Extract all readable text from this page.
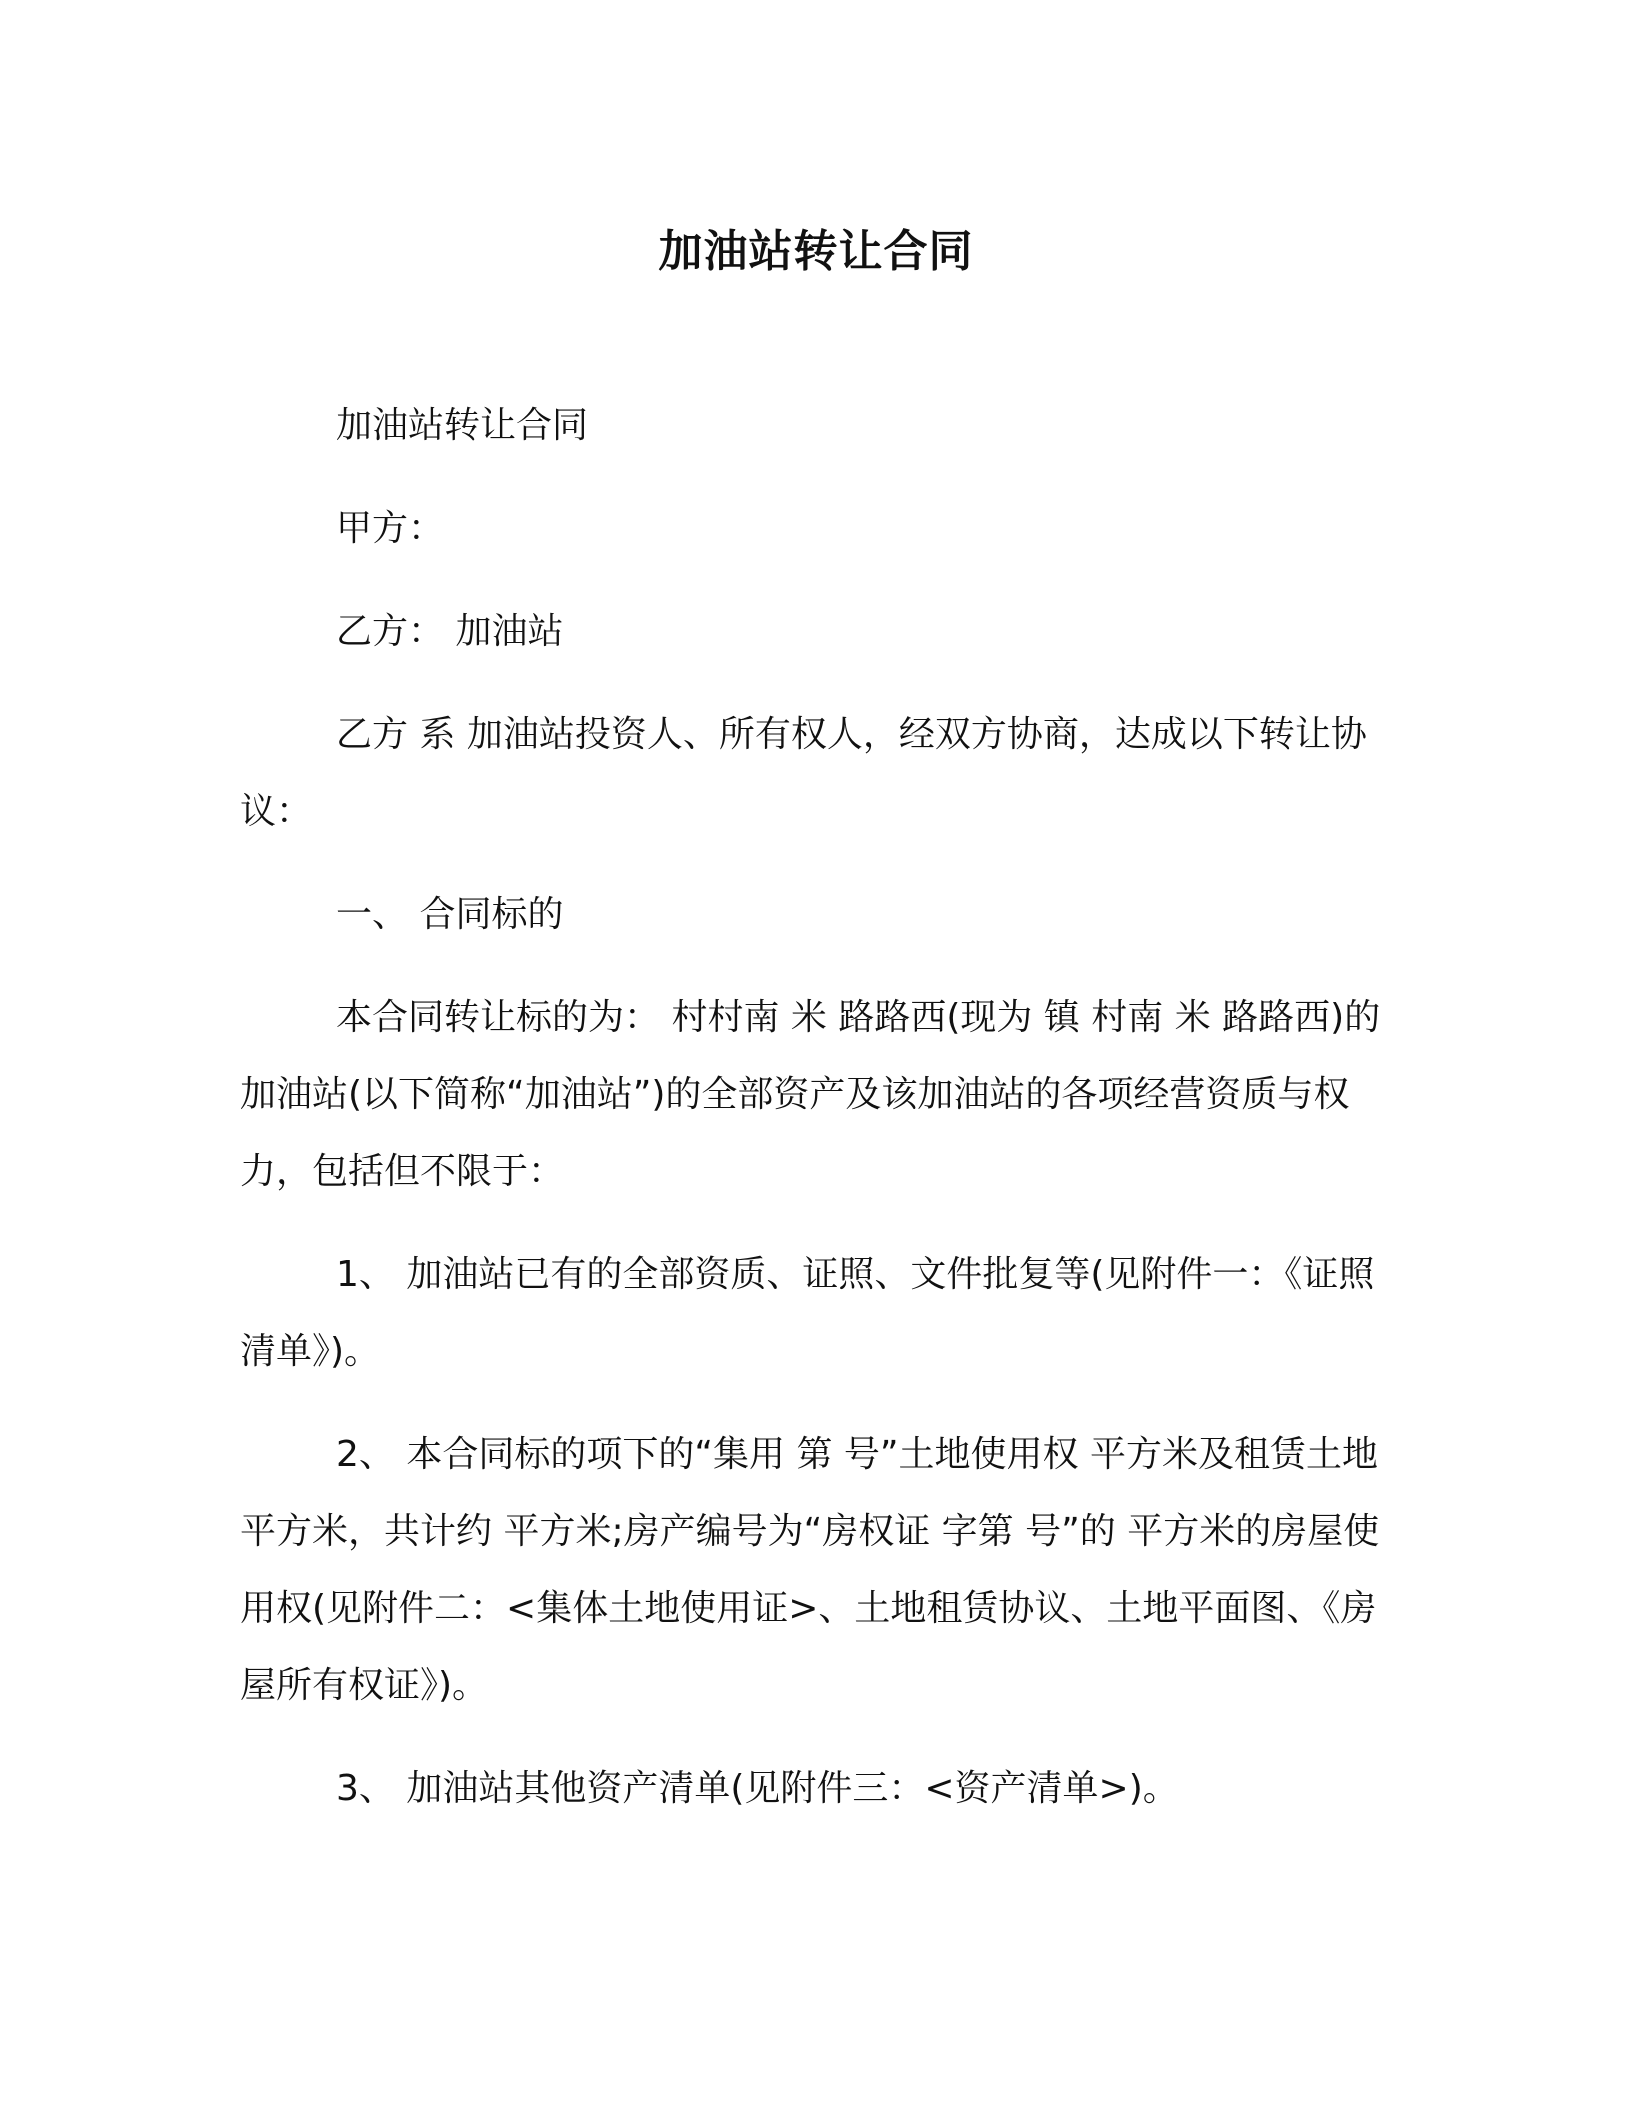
加油站转让合同

加油站转让合同

甲方：

乙方： 加油站

乙方 系 加油站投资人、所有权人，经双方协商，达成以下转让协议：

一、 合同标的

本合同转让标的为： 村村南 米 路路西(现为 镇 村南 米 路路西)的 加油站(以下简称“加油站”)的全部资产及该加油站的各项经营资质与权力，包括但不限于：

1、 加油站已有的全部资质、证照、文件批复等(见附件一：《证照清单》)。

2、 本合同标的项下的“集用 第 号”土地使用权 平方米及租赁土地 平方米，共计约 平方米;房产编号为“房权证 字第 号”的 平方米的房屋使用权(见附件二：<集体土地使用证>、土地租赁协议、土地平面图、《房屋所有权证》)。

3、 加油站其他资产清单(见附件三：<资产清单>)。
